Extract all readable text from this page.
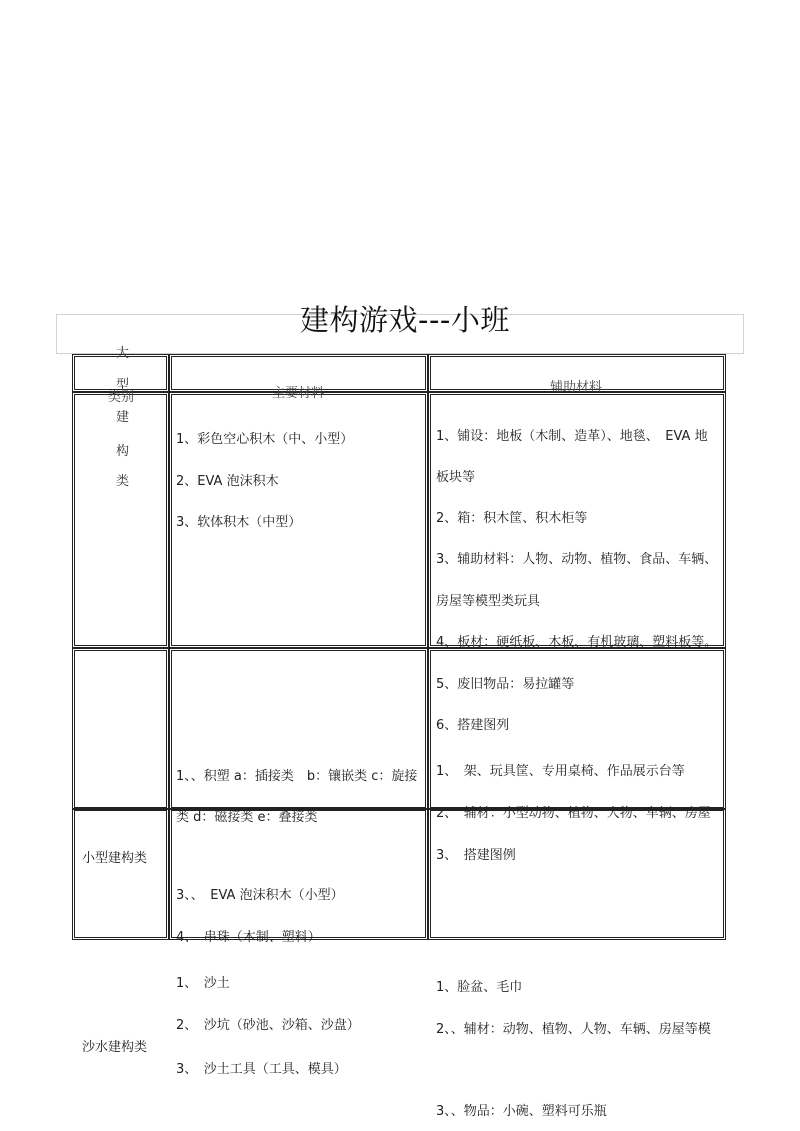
建构游戏---小班
大
型
类别	主要材料	辅助材料
建
构
类
1、彩色空心积木（中、小型）
2、EVA 泡沫积木
3、软体积木（中型）
1、铺设：地板（木制、造革）、地毯、　EVA 地
板块等
2、箱：积木筐、积木柜等
3、辅助材料：人物、动物、植物、食品、车辆、
房屋等模型类玩具
4、板材：硬纸板、木板、有机玻璃、塑料板等。
5、废旧物品：易拉罐等
6、搭建图列
小型建构类
1、、积塑 a：插接类　b：镶嵌类 c：旋接
类 d：磁接类 e：叠接类
3、、　EVA 泡沫积木（小型）
4、　串珠（木制、塑料）
1、　架、玩具筐、专用桌椅、作品展示台等
2、　辅材：小型动物、植物、人物、车辆、房屋
3、　搭建图例
沙水建构类
1、　沙土
2、　沙坑（砂池、沙箱、沙盘）
3、　沙土工具（工具、模具）
1、脸盆、毛巾
2、、辅材：动物、植物、人物、车辆、房屋等模
3、、物品：小碗、塑料可乐瓶
